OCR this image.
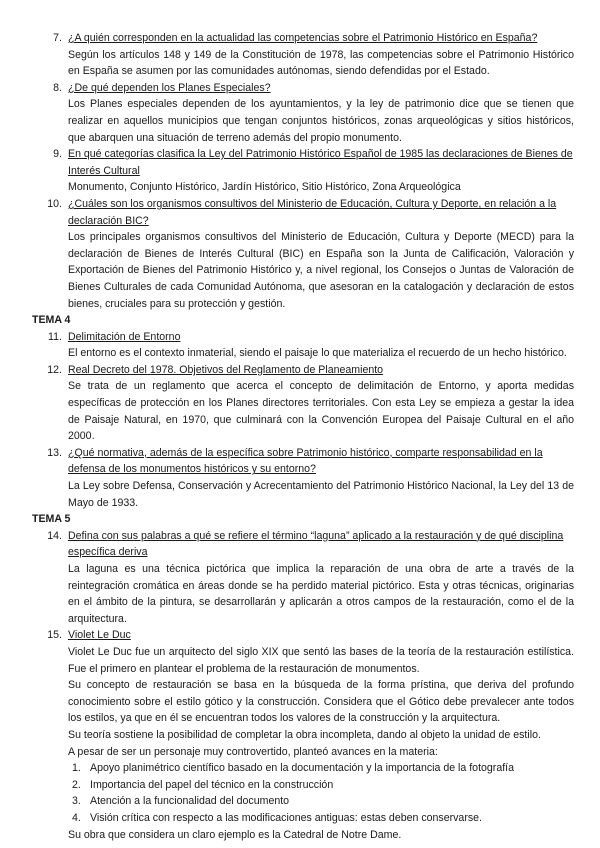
7. ¿A quién corresponden en la actualidad las competencias sobre el Patrimonio Histórico en España?

Según los artículos 148 y 149 de la Constitución de 1978, las competencias sobre el Patrimonio Histórico en España se asumen por las comunidades autónomas, siendo defendidas por el Estado.

8. ¿De qué dependen los Planes Especiales?

Los Planes especiales dependen de los ayuntamientos, y la ley de patrimonio dice que se tienen que realizar en aquellos municipios que tengan conjuntos históricos, zonas arqueológicas y sitios históricos, que abarquen una situación de terreno además del propio monumento.

9. En qué categorías clasifica la Ley del Patrimonio Histórico Español de 1985 las declaraciones de Bienes de Interés Cultural

Monumento, Conjunto Histórico, Jardín Histórico, Sitio Histórico, Zona Arqueológica

10. ¿Cuáles son los organismos consultivos del Ministerio de Educación, Cultura y Deporte, en relación a la declaración BIC?

Los principales organismos consultivos del Ministerio de Educación, Cultura y Deporte (MECD) para la declaración de Bienes de Interés Cultural (BIC) en España son la Junta de Calificación, Valoración y Exportación de Bienes del Patrimonio Histórico y, a nivel regional, los Consejos o Juntas de Valoración de Bienes Culturales de cada Comunidad Autónoma, que asesoran en la catalogación y declaración de estos bienes, cruciales para su protección y gestión.

TEMA 4

11. Delimitación de Entorno

El entorno es el contexto inmaterial, siendo el paisaje lo que materializa el recuerdo de un hecho histórico.

12. Real Decreto del 1978. Objetivos del Reglamento de Planeamiento

Se trata de un reglamento que acerca el concepto de delimitación de Entorno, y aporta medidas específicas de protección en los Planes directores territoriales. Con esta Ley se empieza a gestar la idea de Paisaje Natural, en 1970, que culminará con la Convención Europea del Paisaje Cultural en el año 2000.

13. ¿Qué normativa, además de la específica sobre Patrimonio histórico, comparte responsabilidad en la defensa de los monumentos históricos y su entorno?

La Ley sobre Defensa, Conservación y Acrecentamiento del Patrimonio Histórico Nacional, la Ley del 13 de Mayo de 1933.

TEMA 5

14. Defina con sus palabras a qué se refiere el término “laguna” aplicado a la restauración y de qué disciplina específica deriva

La laguna es una técnica pictórica que implica la reparación de una obra de arte a través de la reintegración cromática en áreas donde se ha perdido material pictórico. Esta y otras técnicas, originarias en el ámbito de la pintura, se desarrollarán y aplicarán a otros campos de la restauración, como el de la arquitectura.

15. Violet Le Duc

Violet Le Duc fue un arquitecto del siglo XIX que sentó las bases de la teoría de la restauración estilística. Fue el primero en plantear el problema de la restauración de monumentos.

Su concepto de restauración se basa en la búsqueda de la forma prístina, que deriva del profundo conocimiento sobre el estilo gótico y la construcción. Considera que el Gótico debe prevalecer ante todos los estilos, ya que en él se encuentran todos los valores de la construcción y la arquitectura.

Su teoría sostiene la posibilidad de completar la obra incompleta, dando al objeto la unidad de estilo.

A pesar de ser un personaje muy controvertido, planteó avances en la materia:

1. Apoyo planimétrico científico basado en la documentación y la importancia de la fotografía
2. Importancia del papel del técnico en la construcción
3. Atención a la funcionalidad del documento
4. Visión crítica con respecto a las modificaciones antiguas: estas deben conservarse.

Su obra que considera un claro ejemplo es la Catedral de Notre Dame.
